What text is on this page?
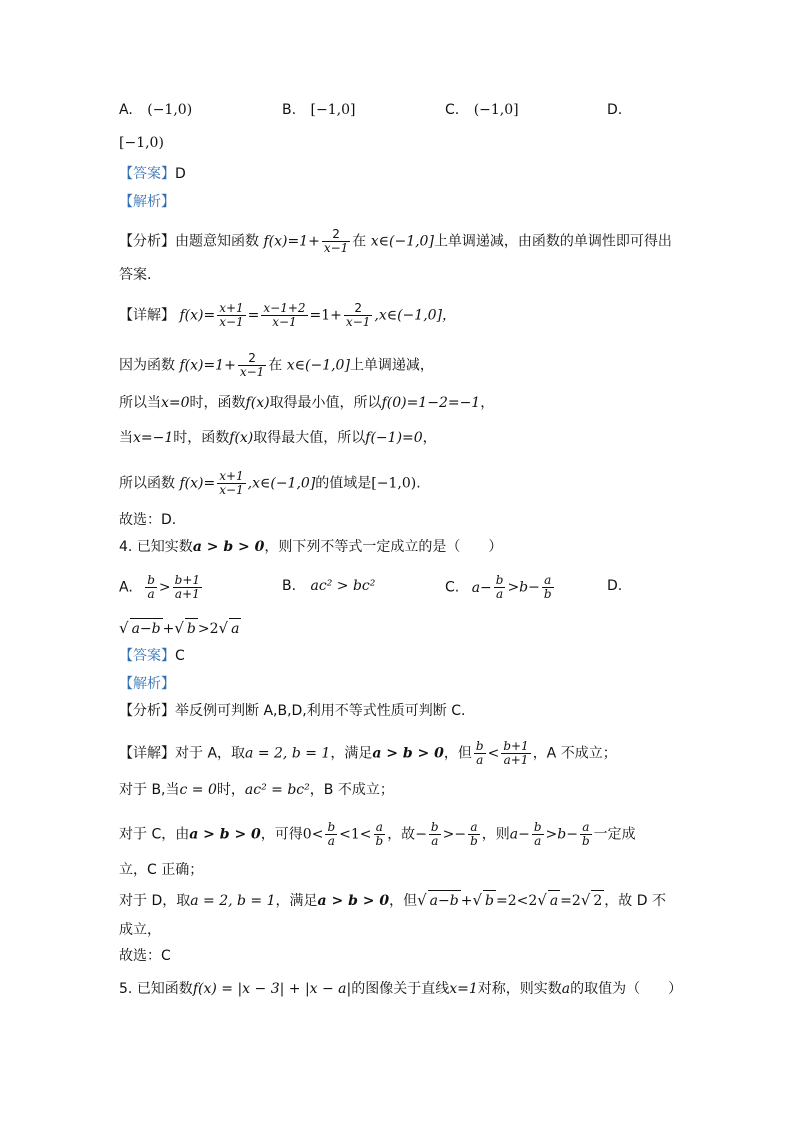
A. (−1,0)	B. [−1,0]	C. (−1,0]	D.
[−1,0)
【答案】D
【解析】
【分析】由题意知函数 $f(x)=1+ \frac{2}{x-1}$ 在 x∈(−1,0]上单调递减，由函数的单调性即可得出
答案.
【详解】 $f(x)= \frac{x+1}{x-1} = \frac{x-1+2}{x-1} =1+ \frac{2}{x-1}$ ,x∈(−1,0]，
因为函数 $f(x)=1+ \frac{2}{x-1}$ 在 x∈(−1,0]上单调递减，
所以当x=0时，函数f(x)取得最小值，所以f(0)=1−2=−1，
当x=−1时，函数f(x)取得最大值，所以f(−1)=0，
所以函数 $f(x)= \frac{x+1}{x-1}$ ,x∈(−1,0]的值域是[−1,0).
故选：D.
4. 已知实数a > b > 0，则下列不等式一定成立的是（　　）
A. $\frac{b}{a} > \frac{b+1}{a+1}$	B. ac² > bc²	C. $a- \frac{b}{a} >b- \frac{a}{b}$	D.
√ a−b +√ b >2√ a
【答案】C
【解析】
【分析】举反例可判断 A,B,D,利用不等式性质可判断 C.
【详解】对于 A，取a = 2, b = 1，满足a > b > 0，但 $\frac{b}{a} < \frac{b+1}{a+1}$ ，A 不成立；
对于 B,当c = 0时，ac² = bc²，B 不成立；
对于 C，由a > b > 0，可得$0< \frac{b}{a} <1< \frac{a}{b}$ ，故− $\frac{b}{a} >- \frac{a}{b}$ ，则$a- \frac{b}{a} >b- \frac{a}{b}$ 一定成
立，C 正确；
对于 D，取a = 2, b = 1，满足a > b > 0，但√ a−b +√ b =2<2√ a =2√ 2 ，故 D 不
成立，
故选：C
5. 已知函数f(x) = |x − 3| + |x − a|的图像关于直线x=1对称，则实数a的取值为（　　）
